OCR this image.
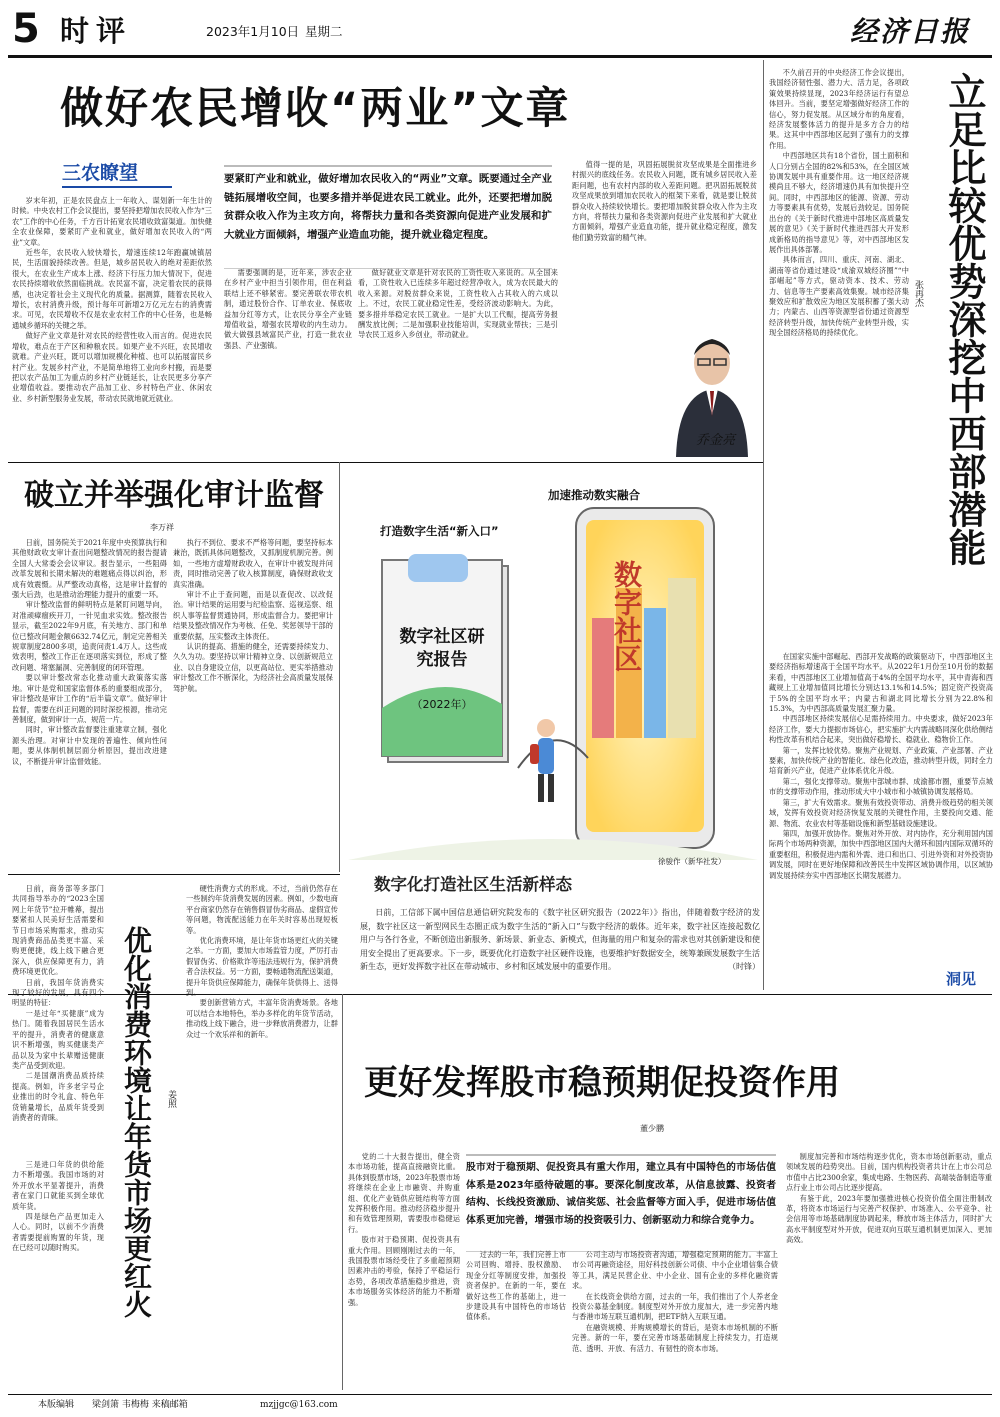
5 时评	2023年1月10日 星期二	经济日报
做好农民增收“两业”文章
三农瞭望	要紧盯产业和就业，做好增加农民收入的“两业”文章。既要通过全产业链拓展增收空间，也要多措并举促进农民工就业。此外，还要把增加脱贫群众收入作为主攻方向，将帮扶力量和各类资源向促进产业发展和扩大就业方面倾斜，增强产业造血功能，提升就业稳定程度。

岁末年初，正是农民盘点上一年收入、谋划新一年生计的时候。中央农村工作会议提出，要坚持把增加农民收入作为“三农”工作的中心任务，千方百计拓宽农民增收致富渠道。加快健全农业保障，要紧盯产业和就业，做好增加农民收入的“两业”文章。

近些年，农民收入较快增长，增速连续12年跑赢城镇居民，生活面貌持续改善。但是，城乡居民收入的绝对差距依然很大，在农业生产成本上涨、经济下行压力加大情况下，促进农民持续增收依然面临挑战。农民富不富，决定着农民的获得感，也决定着社会主义现代化的质量。据测算，随着农民收入增长，农村消费升级，预计每年可新增2万亿元左右的消费需求。可见，农民增收不仅是农业农村工作的中心任务，也是畅通城乡循环的关键之举。

做好产业文章是针对农民的经营性收入而言的。促进农民增收，难点在于产区和种粮农民。如果产业不兴旺，农民增收就难。产业兴旺，既可以增加规模化种植、也可以拓展富民乡村产业。发展乡村产业，不是简单地将工业向乡村搬，而是要把以农产品加工为重点的乡村产业链延长，让农民更多分享产业增值收益。要推动农产品加工业、乡村特色产业、休闲农业、乡村新型服务业发展，带动农民就地就近就业。

需要强调的是，近年来，涉农企业在乡村产业中担当引领作用，但在利益联结上还不够紧密。要完善联农带农机制，通过股份合作、订单农业、保底收益加分红等方式，让农民分享全产业链增值收益，增强农民增收的内生动力。做大做强县域富民产业，打造一批农业强县、产业强镇。

做好就业文章是针对农民的工资性收入来说的。从全国来看，工资性收入已连续多年超过经营净收入，成为农民最大的收入来源。对脱贫群众来说，工资性收入占其收入的六成以上。不过，农民工就业稳定性差，受经济波动影响大。为此，要多措并举稳定农民工就业。一是扩大以工代赈，提高劳务报酬发放比例；二是加强职业技能培训，实现就业帮扶；三是引导农民工返乡入乡创业，带动就业。

值得一提的是，巩固拓展脱贫攻坚成果是全面推进乡村振兴的底线任务。农民收入问题，既有城乡居民收入差距问题，也有农村内部的收入差距问题。把巩固拓展脱贫攻坚成果放到增加农民收入的框架下来看，就是要让脱贫群众收入持续较快增长。要把增加脱贫群众收入作为主攻方向，将帮扶力量和各类资源向促进产业发展和扩大就业方面倾斜，增强产业造血功能，提升就业稳定程度，激发他们勤劳致富的精气神。

乔金亮

不久前召开的中央经济工作会议提出，我国经济韧性强、潜力大、活力足，各项政策效果持续显现，2023年经济运行有望总体回升。当前，要坚定增强做好经济工作的信心，努力促发展。从区域分布的角度看，经济发展整体活力的提升是多方合力的结果。这其中中西部地区起到了强有力的支撑作用。

中西部地区共有18个省份，国土面积和人口分别占全国的82%和53%，在全国区域协调发展中具有重要作用。这一地区经济规模尚且不够大，经济增速仍具有加快提升空间。同时，中西部地区的能源、资源、劳动力等要素具有优势，发展后劲较足。国务院出台的《关于新时代推进中部地区高质量发展的意见》《关于新时代推进西部大开发形成新格局的指导意见》等，对中西部地区发展作出具体部署。

具体而言，四川、重庆、河南、湖北、湖南等省份通过建设“成渝双城经济圈”“中部崛起”等方式，驱动资本、技术、劳动力、信息等生产要素高效集聚。城市经济集聚效应和扩散效应为地区发展积蓄了强大动力；内蒙古、山西等资源型省份通过资源型经济转型升级，加快传统产业转型升级，实现全国经济格局的持续优化。	立足比较优势深挖中西部潜能
张再杰

在国家实施中部崛起、西部开发战略的政策驱动下，中西部地区主要经济指标增速高于全国平均水平。从2022年1月份至10月份的数据来看，中西部地区工业增加值高于4%的全国平均水平，其中青海和西藏规上工业增加值同比增长分别达13.1%和14.5%；固定资产投资高于5%的全国平均水平；内蒙古和湖北同比增长分别为22.8%和15.3%，为中西部高质量发展汇聚力量。

中西部地区持续发展信心足需持续用力。中央要求，做好2023年经济工作，要大力提振市场信心，把实施扩大内需战略同深化供给侧结构性改革有机结合起来，突出做好稳增长、稳就业、稳物价工作。

第一，发挥比较优势。聚焦产业规划、产业政策、产业部署、产业要素，加快传统产业的智能化、绿色化改造，推动转型升级，同时全力培育新兴产业，促进产业体系优化升级。

第二，强化支撑带动。聚焦中部城市群、成渝都市圈，重要节点城市的支撑带动作用，推动形成大中小城市和小城镇协调发展格局。

第三，扩大有效需求。聚焦有效投资带动、消费升级趋势的相关领域，发挥有效投资对经济恢复发展的关键性作用，主要投向交通、能源、物流、农业农村等基础设施和新型基础设施建设。

第四，加强开放协作。聚焦对外开放、对内协作，充分利用国内国际两个市场两种资源，加快中西部地区国内大循环和国内国际双循环的重要枢纽，积极促进内需和外需、进口和出口、引进外资和对外投资协调发展，同时在更好地保障和改善民生中发挥区域协调作用，以区域协调发展持续夯实中西部地区长期发展潜力。

洞见
破立并举强化审计监督
李万祥

日前，国务院关于2021年度中央预算执行和其他财政收支审计查出问题整改情况的报告提请全国人大常委会会议审议。报告显示，一些阻碍改革发展和长期未解决的难题痛点得以纠治，形成有效震慑。从严整改动真格，这是审计监督的强大后劲，也是推动治理能力提升的重要一环。

审计整改监督的鲜明特点是紧盯问题导向，对准顽瘴痼疾开刀，一针见血求实效。整改报告显示，截至2022年9月底，有关地方、部门和单位已整改问题金额6632.74亿元，制定完善相关规章制度2800多项，追责问责1.4万人。这些成效表明，整改工作正在逐项落实到位，形成了整改问题、堵塞漏洞、完善制度的闭环管理。

要以审计整改常态化推动重大政策落实落地。审计是党和国家监督体系的重要组成部分，审计整改是审计工作的“后半篇文章”。做好审计监督，需要在纠正问题的同时深挖根源，推动完善制度，做到审计一点、规范一片。

同时，审计整改监督要注重建章立制，强化源头治理。对审计中发现的普遍性、倾向性问题，要从体制机制层面分析原因，提出改进建议，不断提升审计监督效能。

执行不到位、要求不严格等问题，要坚持标本兼治，既抓具体问题整改，又抓制度机制完善。例如，一些地方虚增财政收入，在审计中被发现并问责，同时推动完善了收入核算制度，确保财政收支真实准确。

审计不止于查问题，而是以查促改、以改促治。审计结果的运用要与纪检监察、巡视巡察、组织人事等监督贯通协同，形成监督合力。要把审计结果及整改情况作为考核、任免、奖惩领导干部的重要依据，压实整改主体责任。

认识的提高、措施的健全，还需要持续发力、久久为功。要坚持以审计精神立身、以创新规范立业、以自身建设立信，以更高站位、更实举措推动审计整改工作不断深化，为经济社会高质量发展保驾护航。

加速推动数实融合
打造数字生活“新入口”
数字社区研究报告
（2022年）
数字社区
徐骏作（新华社发）
数字化打造社区生活新样态

日前，工信部下属中国信息通信研究院发布的《数字社区研究报告（2022年）》指出，伴随着数字经济的发展，数字社区这一新型网民生态圈正成为数字生活的“新入口”与数字经济的载体。近年来，数字社区连接起数亿用户与各行各业，不断创造出新服务、新场景、新业态、新模式，但海量的用户和复杂的需求也对其创新建设和使用安全提出了更高要求。下一步，既要优化打造数字社区硬件设施，也要维护好数据安全，统筹兼顾发展数字生活新生态，更好发挥数字社区在带动城市、乡村和区域发展中的重要作用。	（时锋）

日前，商务部等多部门共同指导举办的“2023全国网上年货节”拉开帷幕，提出要紧扣人民美好生活需要和节日市场采购需求，推动实现消费商品品类更丰富、采购更便捷，线上线下融合更深入，供应保障更有力，消费环境更优化。

日前，我国年货消费实现了较好的发展，具有四个明显的特征：

一是过年“买健康”成为热门。随着我国居民生活水平的提升，消费者的健康意识不断增强，购买健康类产品以及为家中长辈赠送健康类产品受到欢迎。

二是国潮消费品质持续提高。例如，许多老字号企业推出的时令礼盒、特色年货销量增长，品质年货受到消费者的青睐。	优化消费环境让年货市场更红火	姜照

三是进口年货的供给能力不断增强。我国市场的对外开放水平显著提升，消费者在家门口就能买到全球优质年货。

四是绿色产品更加走入人心。同时，以前不少消费者需要提前购置的年货，现在已经可以随时购买。

硬性消费方式的形成。不过，当前仍然存在一些制约年货消费发展的因素。例如，少数电商平台商家仍然存在销售假冒伪劣商品、虚假宣传等问题，物流配送能力在年关时容易出现短板等。

优化消费环境，是让年货市场更红火的关键之举。一方面，要加大市场监管力度，严厉打击假冒伪劣、价格欺诈等违法违规行为，保护消费者合法权益。另一方面，要畅通物流配送渠道，提升年货供应保障能力，确保年货供得上、送得到。

要创新营销方式，丰富年货消费场景。各地可以结合本地特色，举办多样化的年货节活动，推动线上线下融合，进一步释放消费潜力，让群众过一个欢乐祥和的新年。

更好发挥股市稳预期促投资作用
董少鹏
股市对于稳预期、促投资具有重大作用，建立具有中国特色的市场估值体系是2023年亟待破题的事。要深化制度改革，从信息披露、投资者结构、长线投资激励、诚信奖惩、社会监督等方面入手，促进市场估值体系更加完善，增强市场的投资吸引力、创新驱动力和综合竞争力。

党的二十大报告提出，健全资本市场功能，提高直接融资比重。具体到股票市场，2023年股票市场将继续在企业上市融资、并购重组、优化产业链供应链结构等方面发挥积极作用。推动经济稳步提升和有效管理预期，需要股市稳健运行。

股市对于稳预期、促投资具有重大作用。回顾刚刚过去的一年，我国股票市场经受住了多重超预期因素冲击的考验，保持了平稳运行态势，各项改革措施稳步推进，资本市场服务实体经济的能力不断增强。

过去的一年，我们完善上市公司回购、增持、股权激励、现金分红等制度安排，加强投资者保护。在新的一年，要在做好这些工作的基础上，进一步建设具有中国特色的市场估值体系。

公司主动与市场投资者沟通，增强稳定预期的能力。丰富上市公司再融资途径，用好科技创新公司债、中小企业增信集合债等工具，满足民营企业、中小企业、国有企业的多样化融资需求。

在长线资金供给方面，过去的一年，我们推出了个人养老金投资公募基金制度。制度型对外开放力度加大，进一步完善内地与香港市场互联互通机制，把ETF纳入互联互通。

在融资规模、并购规模增长的背后，是资本市场机制的不断完善。新的一年，要在完善市场基础制度上持续发力，打造规范、透明、开放、有活力、有韧性的资本市场。

制度加完善和市场结构逐步优化，资本市场创新驱动，重点领域发展的趋势突出。目前，国内机构投资者共计在上市公司总市值中占比2300余家，集成电路、生物医药、高端装备制造等重点行业上市公司占比逐步提高。

有鉴于此，2023年要加强推进核心投资价值全面注册制改革，将资本市场运行与完善产权保护、市场准入、公平竞争、社会信用等市场基础制度协调起来，释放市场主体活力，同时扩大高水平制度型对外开放，促进双向互联互通机制更加深入、更加高效。

本版编辑	梁剑箫 韦梅梅 来稿邮箱	mzjjgc@163.com
